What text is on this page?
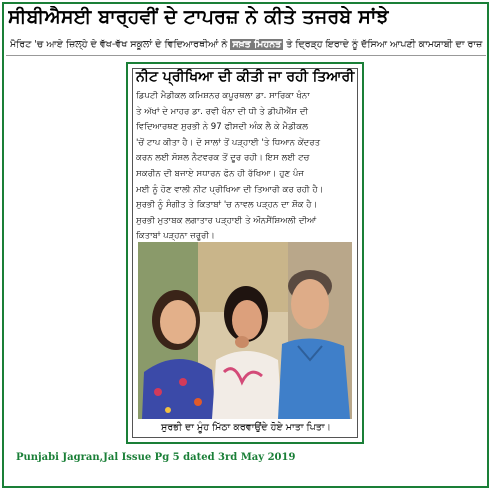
ਸੀਬੀਐਸਈ ਬਾਰ੍ਹਵੀਂ ਦੇ ਟਾਪਰਜ਼ ਨੇ ਕੀਤੇ ਤਜਰਬੇ ਸਾਂਝੇ
ਮੈਰਿਟ 'ਚ ਆਏ ਜ਼ਿਲ੍ਹੇ ਦੇ ਵੱਖ-ਵੱਖ ਸਕੂਲਾਂ ਦੇ ਵਿਦਿਆਰਥੀਆਂ ਨੇ ਸਖ਼ਤ ਮਿਹਨਤ ਤੇ ਦ੍ਰਿੜ੍ਹ ਇਰਾਦੇ ਨੂੰ ਦੱਸਿਆ ਆਪਣੀ ਕਾਮਯਾਬੀ ਦਾ ਰਾਜ਼
ਨੀਟ ਪ੍ਰੀਖਿਆ ਦੀ ਕੀਤੀ ਜਾ ਰਹੀ ਤਿਆਰੀ
ਡਿਪਟੀ ਮੈਡੀਕਲ ਕਮਿਸ਼ਨਰ ਕਪੂਰਥਲਾ ਡਾ. ਸਾਰਿਕਾ ਖੰਨਾ
ਤੇ ਅੱਖਾਂ ਦੇ ਮਾਹਰ ਡਾ. ਰਵੀ ਖੰਨਾ ਦੀ ਧੀ ਤੇ ਡੀਪੀਐੱਸ ਦੀ
ਵਿਦਿਆਰਥਣ ਸੁਰਭੀ ਨੇ 97 ਫੀਸਦੀ ਅੰਕ ਲੈ ਕੇ ਮੈਡੀਕਲ
'ਚੋਂ ਟਾਪ ਕੀਤਾ ਹੈ। ਦੋ ਸਾਲਾਂ ਤੋਂ ਪੜ੍ਹਾਈ 'ਤੇ ਧਿਆਨ ਕੇਂਦਰਤ
ਕਰਨ ਲਈ ਸੋਸ਼ਲ ਨੈਟਵਰਕ ਤੋਂ ਦੂਰ ਰਹੀ। ਇਸ ਲਈ ਟਚ
ਸਕਰੀਨ ਦੀ ਬਜਾਏ ਸਧਾਰਨ ਫੋਨ ਹੀ ਰੱਖਿਆ। ਹੁਣ ਪੰਜ
ਮਈ ਨੂੰ ਹੋਣ ਵਾਲੀ ਨੀਟ ਪ੍ਰੀਖਿਆ ਦੀ ਤਿਆਰੀ ਕਰ ਰਹੀ ਹੈ।
ਸੁਰਭੀ ਨੂੰ ਸੰਗੀਤ ਤੇ ਕਿਤਾਬਾਂ 'ਚ ਨਾਵਲ ਪੜ੍ਹਨ ਦਾ ਸ਼ੌਕ ਹੈ।
ਸੁਰਭੀ ਮੁਤਾਬਕ ਲਗਾਤਾਰ ਪੜ੍ਹਾਈ ਤੇ ਔਨਸੈਂਸ਼ਿਅਲੀ ਦੀਆਂ
ਕਿਤਾਬਾਂ ਪੜ੍ਹਨਾ ਜ਼ਰੂਰੀ।
ਸੁਰਭੀ ਦਾ ਮੂੰਹ ਮਿੱਠਾ ਕਰਵਾਉਂਦੇ ਹੋਏ ਮਾਤਾ ਪਿਤਾ।
Punjabi Jagran,Jal Issue Pg 5 dated 3rd May 2019
